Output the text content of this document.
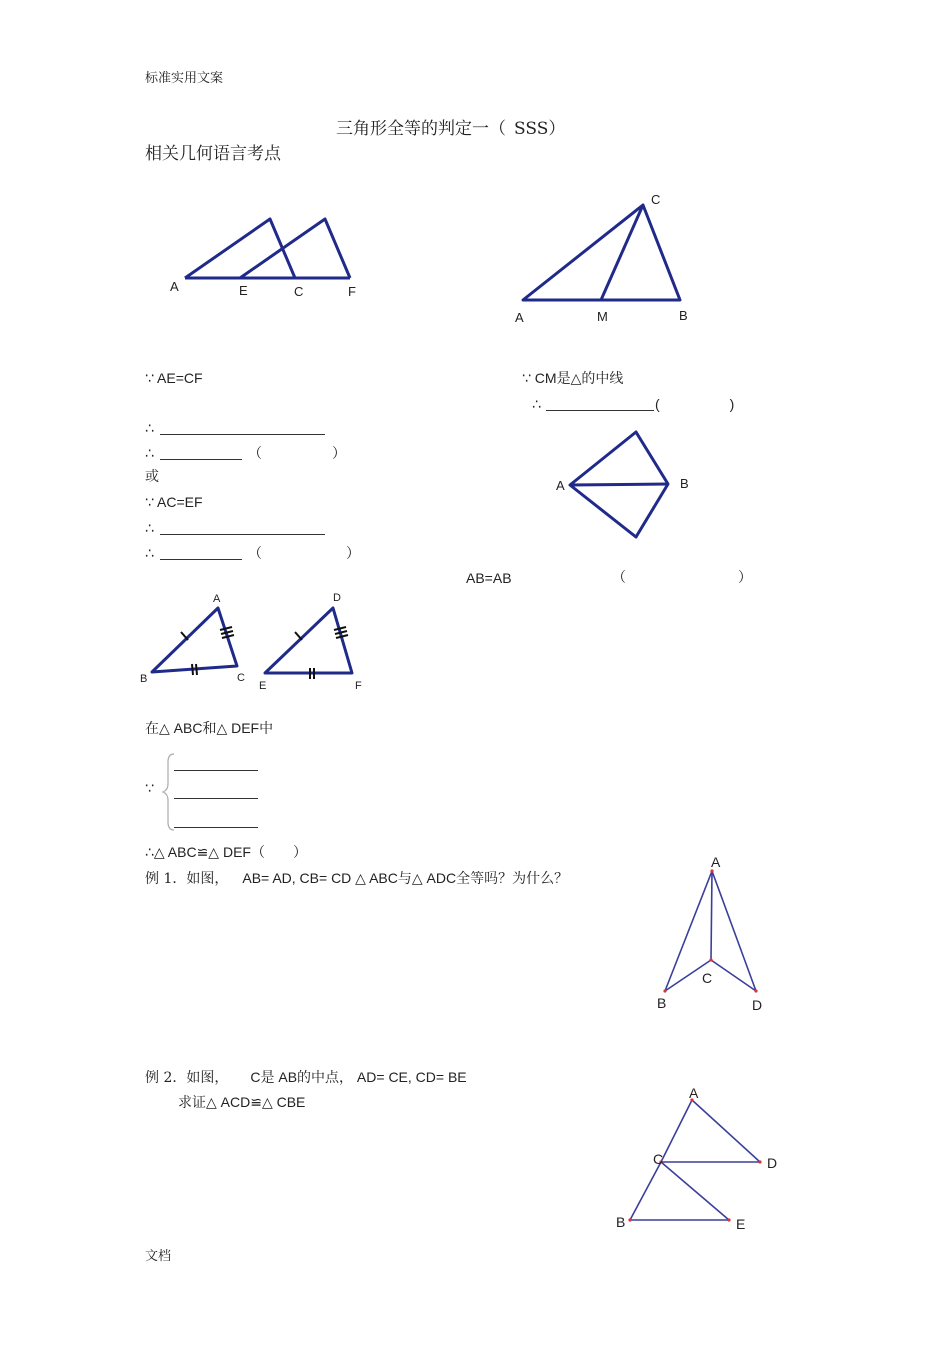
标准实用文案
文档
三角形全等的判定一（ SSS）
相关几何语言考点
A	E	C	F
C
A	M	B
∵ AE=CF
∴
∴	（　　　　　）
或
∵ AC=EF
∴
∴	（　　　　　　）
∵ CM是△的中线
∴	(　　　　　)
A	B
AB=AB	（　　　　　　　　）
A
B	C
D
E	F
在△ ABC和△ DEF中
∵
∴△ ABC≌△ DEF（　　）
例 1．如图， AB= AD, CB= CD △ ABC与△ ADC全等吗？为什么？
A
C
B	D
例 2．如图， C是 AB的中点， AD= CE, CD= BE
求证△ ACD≌△ CBE
A
C	D
B	E
